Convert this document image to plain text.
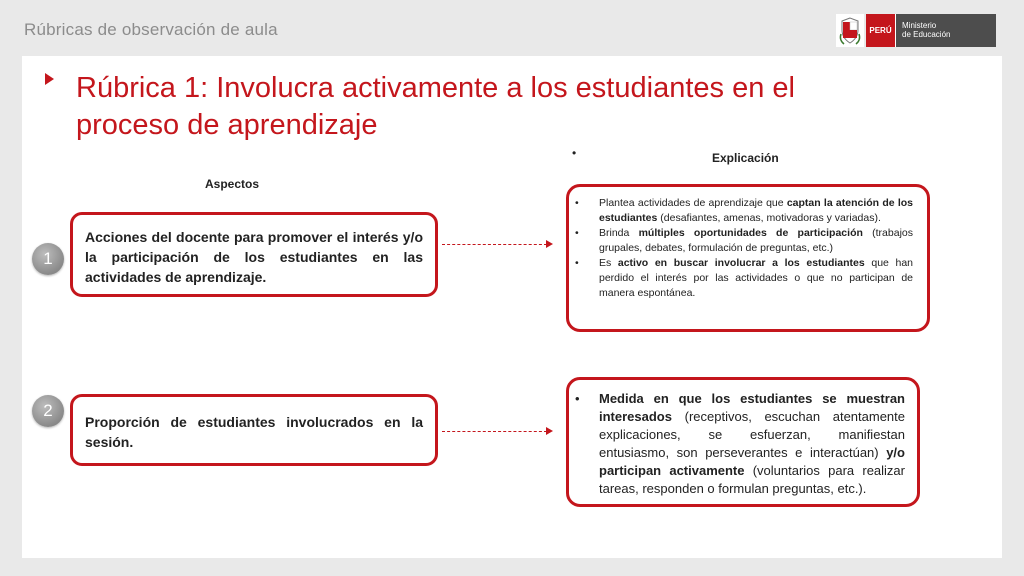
Rúbricas de observación de aula	PERÚ
Ministerio
de Educación
Rúbrica 1: Involucra activamente a los estudiantes en el proceso de aprendizaje
•	Explicación
Aspectos
1
Acciones del docente para promover el interés y/o la participación de los estudiantes en las actividades de aprendizaje.
• Plantea actividades de aprendizaje que captan la atención de los estudiantes (desafiantes, amenas, motivadoras y variadas).
• Brinda múltiples oportunidades de participación (trabajos grupales, debates, formulación de preguntas, etc.)
• Es activo en buscar involucrar a los estudiantes que han perdido el interés por las actividades o que no participan de manera espontánea.
2
Proporción de estudiantes involucrados en la sesión.
• Medida en que los estudiantes se muestran interesados (receptivos, escuchan atentamente explicaciones, se esfuerzan, manifiestan entusiasmo, son perseverantes e interactúan) y/o participan activamente (voluntarios para realizar tareas, responden o formulan preguntas, etc.).
